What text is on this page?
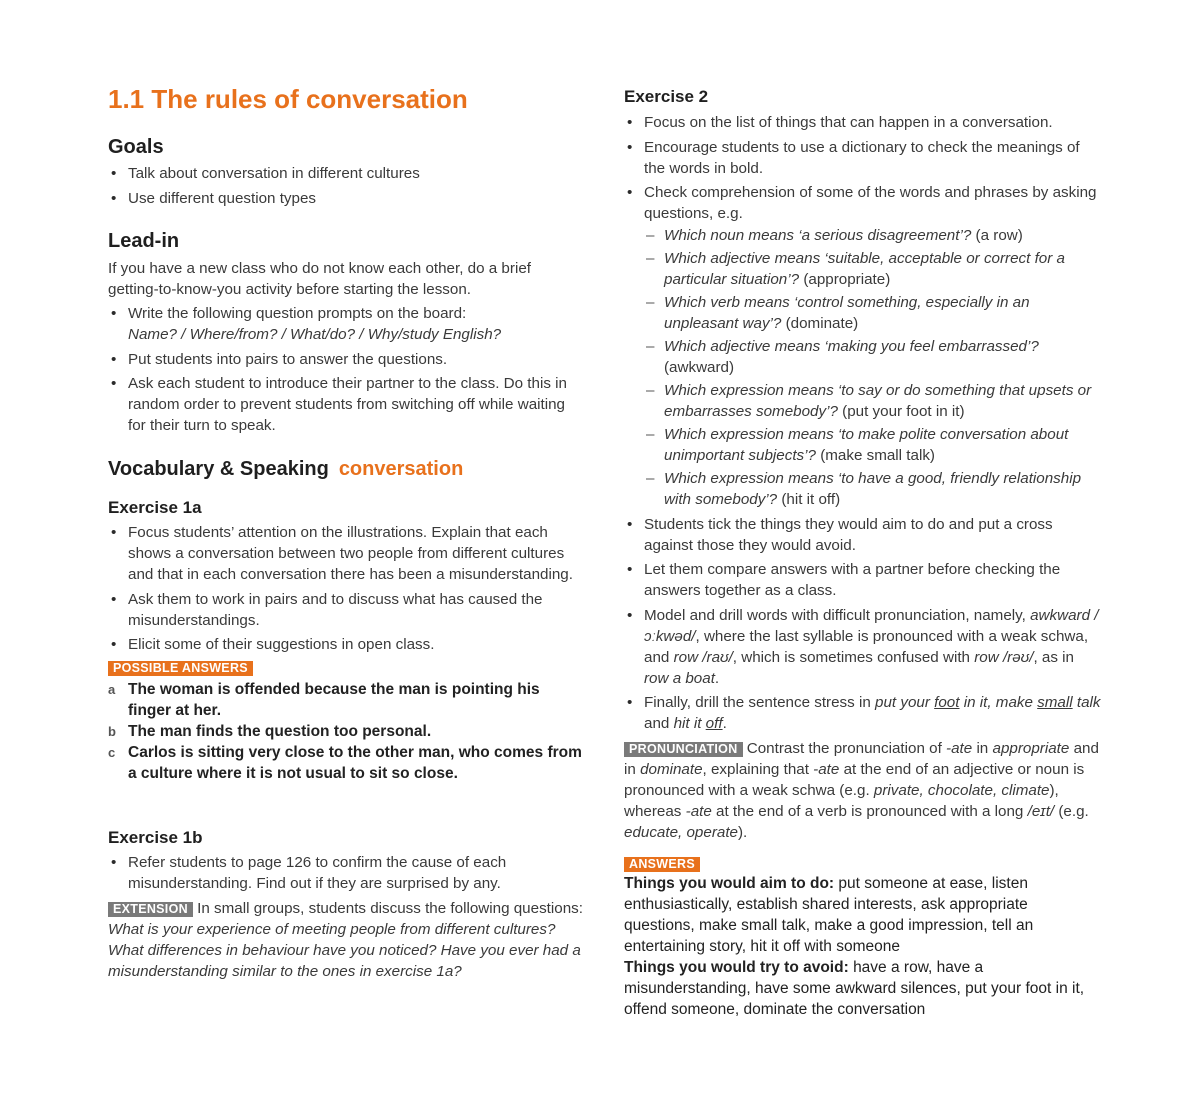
1.1 The rules of conversation
Goals
• Talk about conversation in different cultures
• Use different question types
Lead-in

If you have a new class who do not know each other, do a brief getting-to-know-you activity before starting the lesson.

• Write the following question prompts on the board:
Name? / Where/from? / What/do? / Why/study English?
• Put students into pairs to answer the questions.
• Ask each student to introduce their partner to the class. Do this in random order to prevent students from switching off while waiting for their turn to speak.
Vocabulary & Speaking conversation
Exercise 1a
• Focus students’ attention on the illustrations. Explain that each shows a conversation between two people from different cultures and that in each conversation there has been a misunderstanding.
• Ask them to work in pairs and to discuss what has caused the misunderstandings.
• Elicit some of their suggestions in open class.
POSSIBLE ANSWERS
a The woman is offended because the man is pointing his finger at her.
b The man finds the question too personal.
c Carlos is sitting very close to the other man, who comes from a culture where it is not usual to sit so close.
Exercise 1b
• Refer students to page 126 to confirm the cause of each misunderstanding. Find out if they are surprised by any.

EXTENSION In small groups, students discuss the following questions: What is your experience of meeting people from different cultures? What differences in behaviour have you noticed? Have you ever had a misunderstanding similar to the ones in exercise 1a?

Exercise 2
• Focus on the list of things that can happen in a conversation.
• Encourage students to use a dictionary to check the meanings of the words in bold.
• Check comprehension of some of the words and phrases by asking questions, e.g.
– Which noun means ‘a serious disagreement’? (a row)
– Which adjective means ‘suitable, acceptable or correct for a particular situation’? (appropriate)
– Which verb means ‘control something, especially in an unpleasant way’? (dominate)
– Which adjective means ‘making you feel embarrassed’? (awkward)
– Which expression means ‘to say or do something that upsets or embarrasses somebody’? (put your foot in it)
– Which expression means ‘to make polite conversation about unimportant subjects’? (make small talk)
– Which expression means ‘to have a good, friendly relationship with somebody’? (hit it off)
• Students tick the things they would aim to do and put a cross against those they would avoid.
• Let them compare answers with a partner before checking the answers together as a class.
• Model and drill words with difficult pronunciation, namely, awkward /ɔːkwəd/, where the last syllable is pronounced with a weak schwa, and row /raʊ/, which is sometimes confused with row /rəʊ/, as in row a boat.
• Finally, drill the sentence stress in put your foot in it, make small talk and hit it off.

PRONUNCIATION Contrast the pronunciation of -ate in appropriate and in dominate, explaining that -ate at the end of an adjective or noun is pronounced with a weak schwa (e.g. private, chocolate, climate), whereas -ate at the end of a verb is pronounced with a long /eɪt/ (e.g. educate, operate).

ANSWERS

Things you would aim to do: put someone at ease, listen enthusiastically, establish shared interests, ask appropriate questions, make small talk, make a good impression, tell an entertaining story, hit it off with someone

Things you would try to avoid: have a row, have a misunderstanding, have some awkward silences, put your foot in it, offend someone, dominate the conversation
